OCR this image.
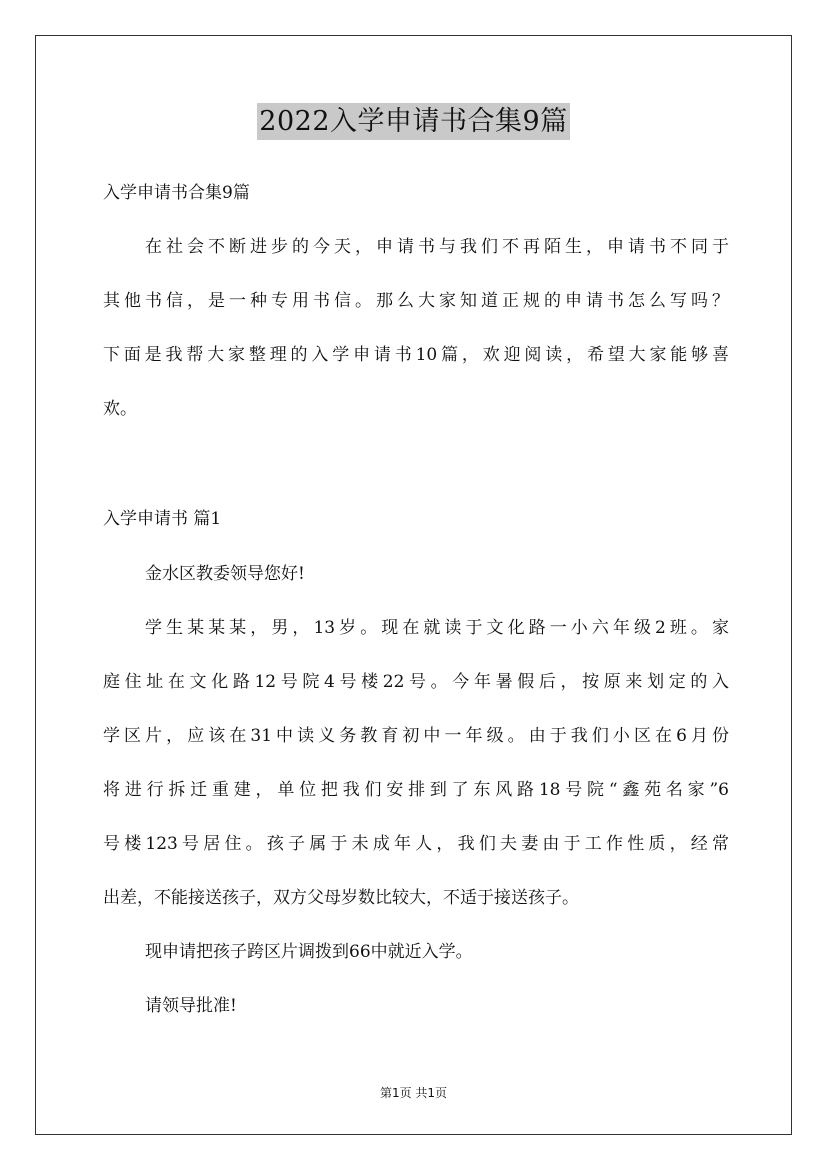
2022入学申请书合集9篇
入学申请书合集9篇
在社会不断进步的今天，申请书与我们不再陌生，申请书不同于
其他书信，是一种专用书信。那么大家知道正规的申请书怎么写吗？
下面是我帮大家整理的入学申请书10篇，欢迎阅读，希望大家能够喜
欢。
入学申请书 篇1
金水区教委领导您好!
学生某某某，男，13岁。现在就读于文化路一小六年级2班。家
庭住址在文化路12号院4号楼22号。今年暑假后，按原来划定的入
学区片，应该在31中读义务教育初中一年级。由于我们小区在6月份
将进行拆迁重建，单位把我们安排到了东风路18号院“鑫苑名家”6
号楼123号居住。孩子属于未成年人，我们夫妻由于工作性质，经常
出差，不能接送孩子，双方父母岁数比较大，不适于接送孩子。
现申请把孩子跨区片调拨到66中就近入学。
请领导批准!
第1页 共1页
